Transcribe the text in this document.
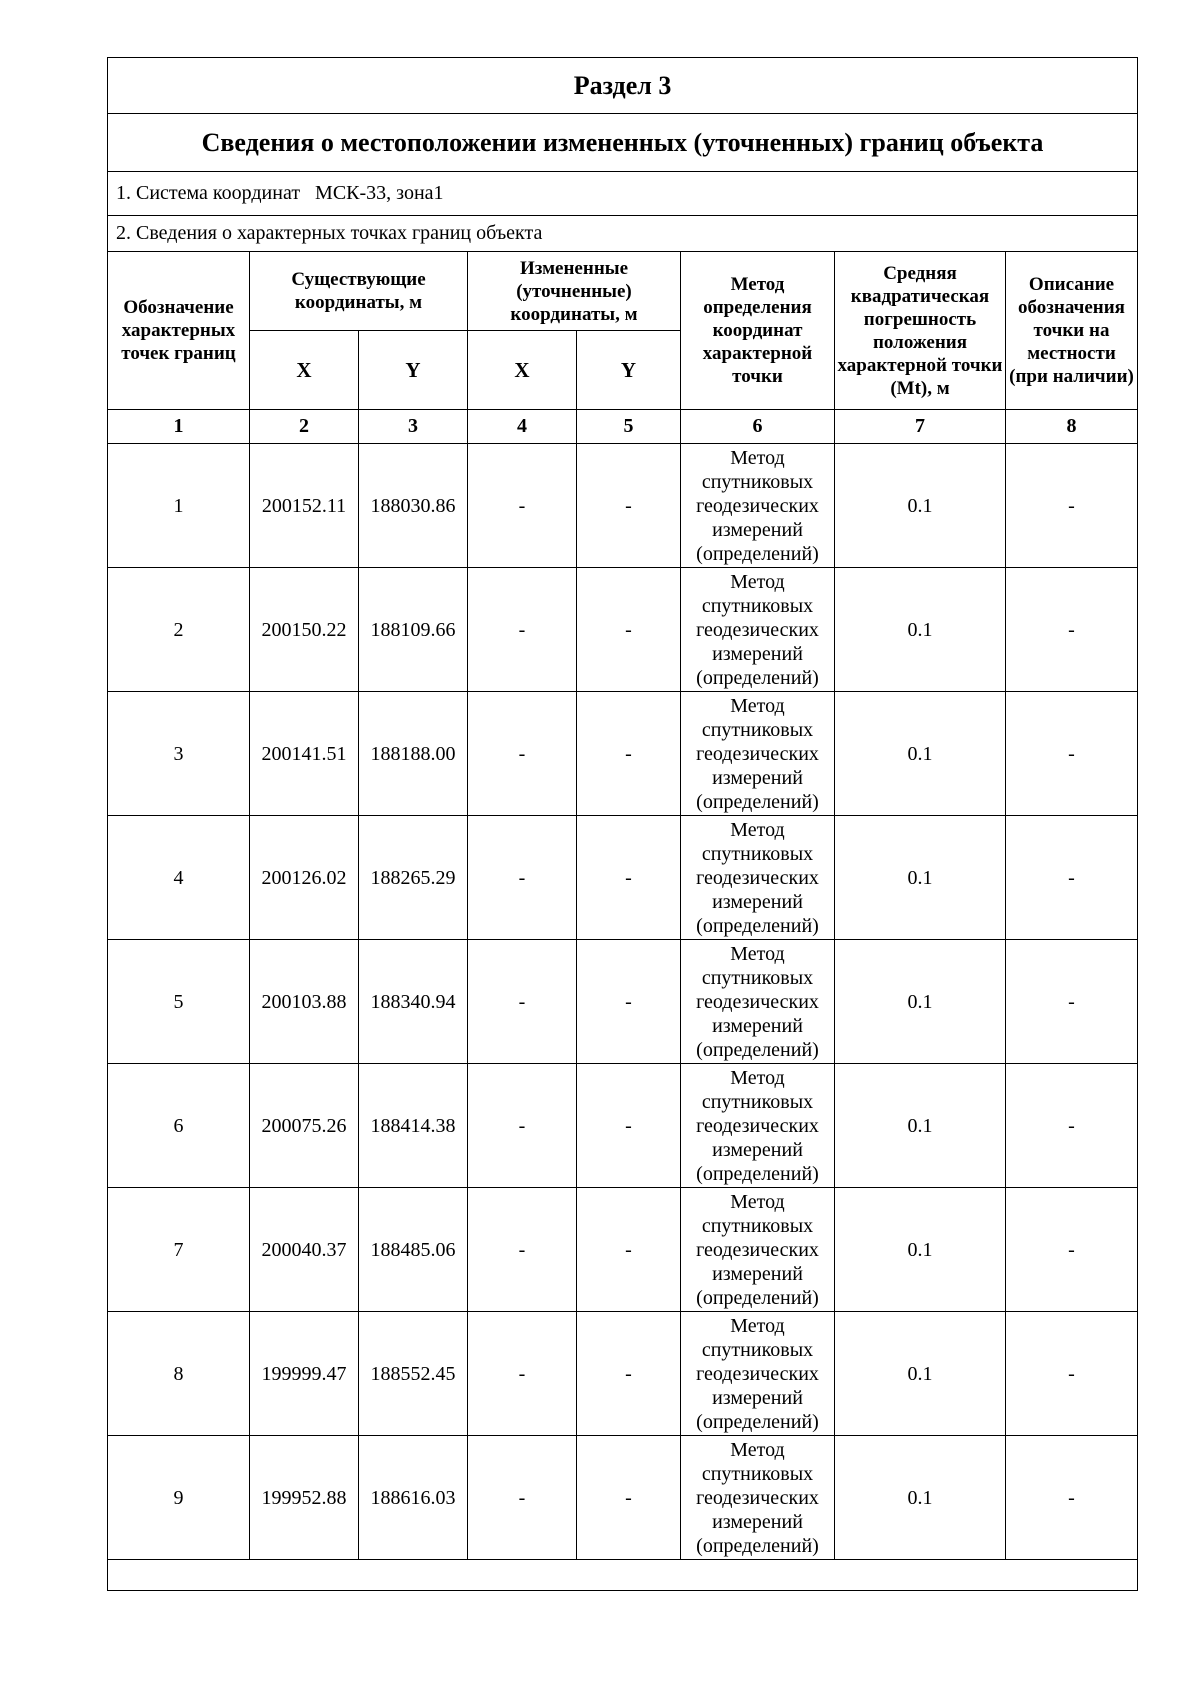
Раздел 3							
Сведения о местоположении измененных (уточненных) границ объекта							
1. Система координат   МСК-33, зона1							
2. Сведения о характерных точках границ объекта							
Обозначение характерных точек границ	Существующие координаты, м		Измененные (уточненные) координаты, м		Метод определения координат характерной точки	Средняя квадратическая погрешность положения характерной точки (Mt), м	Описание обозначения точки на местности (при наличии)
	X	Y	X	Y			
1	2	3	4	5	6	7	8
1	200152.11	188030.86	-	-	Метод спутниковых геодезических измерений (определений)	0.1	-
2	200150.22	188109.66	-	-	Метод спутниковых геодезических измерений (определений)	0.1	-
3	200141.51	188188.00	-	-	Метод спутниковых геодезических измерений (определений)	0.1	-
4	200126.02	188265.29	-	-	Метод спутниковых геодезических измерений (определений)	0.1	-
5	200103.88	188340.94	-	-	Метод спутниковых геодезических измерений (определений)	0.1	-
6	200075.26	188414.38	-	-	Метод спутниковых геодезических измерений (определений)	0.1	-
7	200040.37	188485.06	-	-	Метод спутниковых геодезических измерений (определений)	0.1	-
8	199999.47	188552.45	-	-	Метод спутниковых геодезических измерений (определений)	0.1	-
9	199952.88	188616.03	-	-	Метод спутниковых геодезических измерений (определений)	0.1	-
